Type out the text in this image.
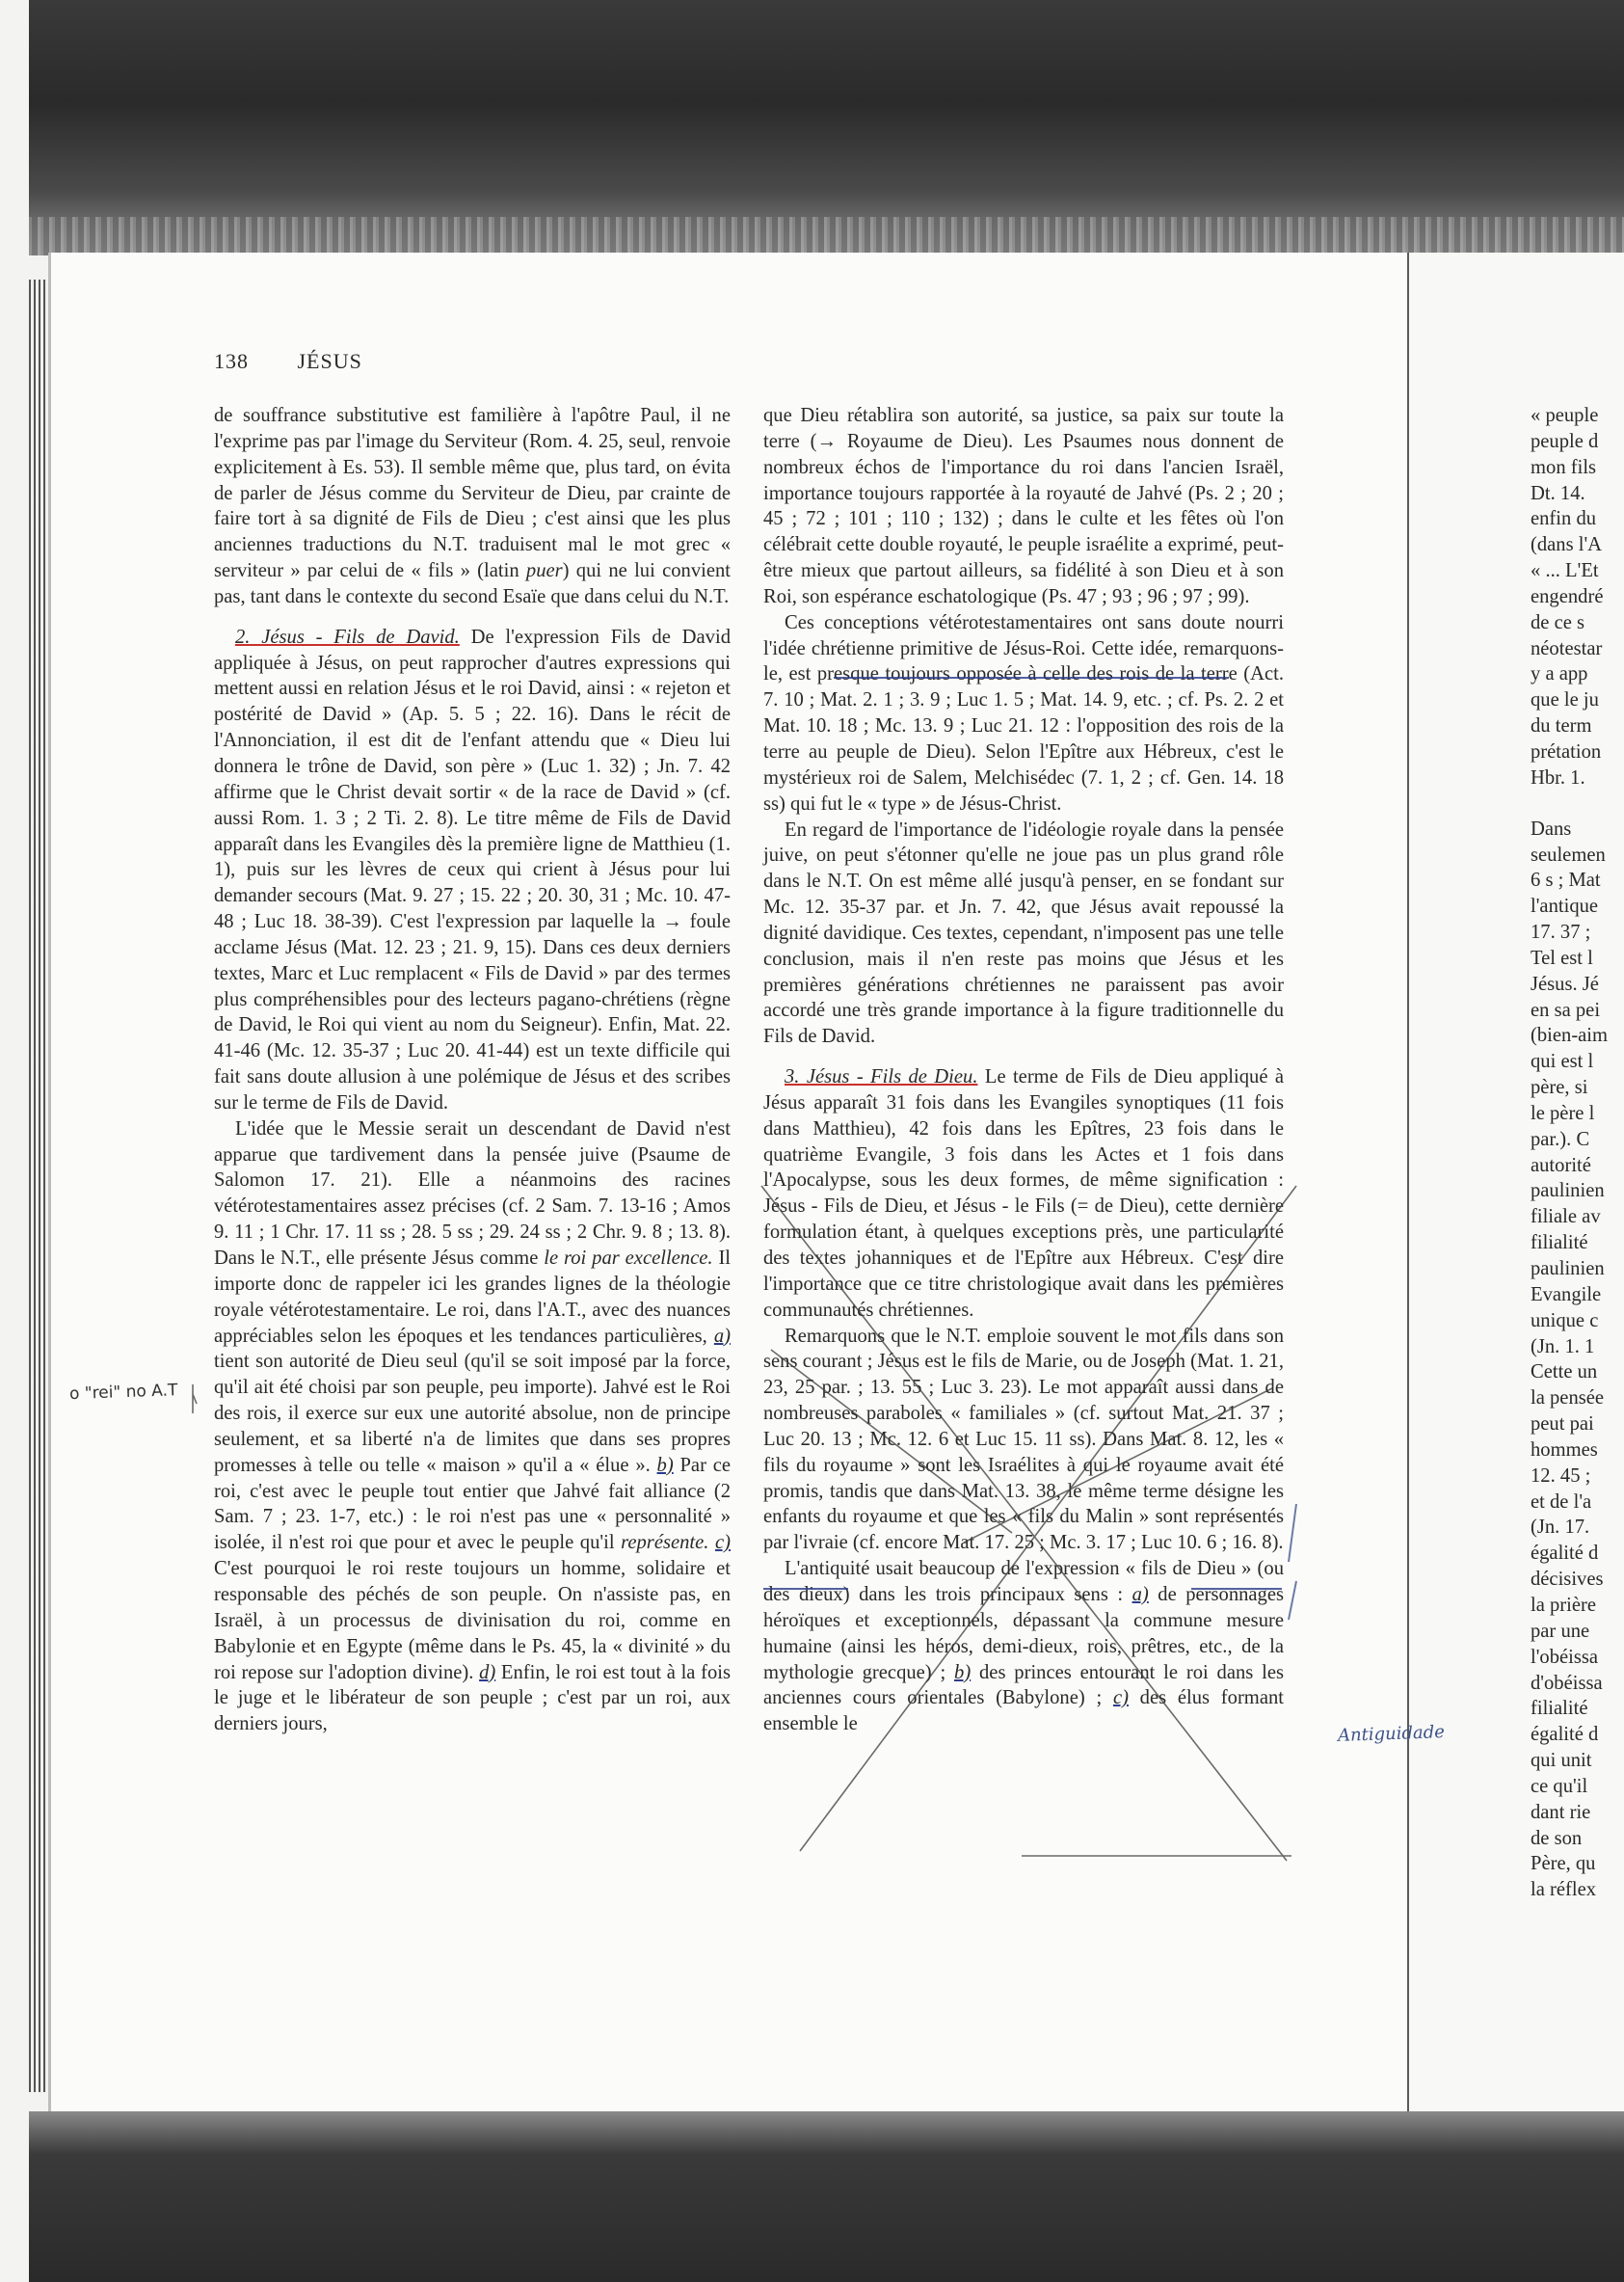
138 JÉSUS

de souffrance substitutive est familière à l'apôtre Paul, il ne l'exprime pas par l'image du Serviteur (Rom. 4. 25, seul, renvoie explicitement à Es. 53). Il semble même que, plus tard, on évita de parler de Jésus comme du Serviteur de Dieu, par crainte de faire tort à sa dignité de Fils de Dieu ; c'est ainsi que les plus anciennes traductions du N.T. traduisent mal le mot grec « serviteur » par celui de « fils » (latin puer) qui ne lui convient pas, tant dans le contexte du second Esaïe que dans celui du N.T.

2. Jésus - Fils de David. De l'expression Fils de David appliquée à Jésus, on peut rapprocher d'autres expressions qui mettent aussi en relation Jésus et le roi David, ainsi : « rejeton et postérité de David » (Ap. 5. 5 ; 22. 16). Dans le récit de l'Annonciation, il est dit de l'enfant attendu que « Dieu lui donnera le trône de David, son père » (Luc 1. 32) ; Jn. 7. 42 affirme que le Christ devait sortir « de la race de David » (cf. aussi Rom. 1. 3 ; 2 Ti. 2. 8). Le titre même de Fils de David apparaît dans les Evangiles dès la première ligne de Matthieu (1. 1), puis sur les lèvres de ceux qui crient à Jésus pour lui demander secours (Mat. 9. 27 ; 15. 22 ; 20. 30, 31 ; Mc. 10. 47-48 ; Luc 18. 38-39). C'est l'expression par laquelle la → foule acclame Jésus (Mat. 12. 23 ; 21. 9, 15). Dans ces deux derniers textes, Marc et Luc remplacent « Fils de David » par des termes plus compréhensibles pour des lecteurs pagano-chrétiens (règne de David, le Roi qui vient au nom du Seigneur). Enfin, Mat. 22. 41-46 (Mc. 12. 35-37 ; Luc 20. 41-44) est un texte difficile qui fait sans doute allusion à une polémique de Jésus et des scribes sur le terme de Fils de David.

L'idée que le Messie serait un descendant de David n'est apparue que tardivement dans la pensée juive (Psaume de Salomon 17. 21). Elle a néanmoins des racines vétérotestamentaires assez précises (cf. 2 Sam. 7. 13-16 ; Amos 9. 11 ; 1 Chr. 17. 11 ss ; 28. 5 ss ; 29. 24 ss ; 2 Chr. 9. 8 ; 13. 8). Dans le N.T., elle présente Jésus comme le roi par excellence. Il importe donc de rappeler ici les grandes lignes de la théologie royale vétérotestamentaire. Le roi, dans l'A.T., avec des nuances appréciables selon les époques et les tendances particulières, a) tient son autorité de Dieu seul (qu'il se soit imposé par la force, qu'il ait été choisi par son peuple, peu importe). Jahvé est le Roi des rois, il exerce sur eux une autorité absolue, non de principe seulement, et sa liberté n'a de limites que dans ses propres promesses à telle ou telle « maison » qu'il a « élue ». b) Par ce roi, c'est avec le peuple tout entier que Jahvé fait alliance (2 Sam. 7 ; 23. 1-7, etc.) : le roi n'est pas une « personnalité » isolée, il n'est roi que pour et avec le peuple qu'il représente. c) C'est pourquoi le roi reste toujours un homme, solidaire et responsable des péchés de son peuple. On n'assiste pas, en Israël, à un processus de divinisation du roi, comme en Babylonie et en Egypte (même dans le Ps. 45, la « divinité » du roi repose sur l'adoption divine). d) Enfin, le roi est tout à la fois le juge et le libérateur de son peuple ; c'est par un roi, aux derniers jours,

que Dieu rétablira son autorité, sa justice, sa paix sur toute la terre (→ Royaume de Dieu). Les Psaumes nous donnent de nombreux échos de l'importance du roi dans l'ancien Israël, importance toujours rapportée à la royauté de Jahvé (Ps. 2 ; 20 ; 45 ; 72 ; 101 ; 110 ; 132) ; dans le culte et les fêtes où l'on célébrait cette double royauté, le peuple israélite a exprimé, peut-être mieux que partout ailleurs, sa fidélité à son Dieu et à son Roi, son espérance eschatologique (Ps. 47 ; 93 ; 96 ; 97 ; 99).

Ces conceptions vétérotestamentaires ont sans doute nourri l'idée chrétienne primitive de Jésus-Roi. Cette idée, remarquons-le, est presque toujours opposée à celle des rois de la terre (Act. 7. 10 ; Mat. 2. 1 ; 3. 9 ; Luc 1. 5 ; Mat. 14. 9, etc. ; cf. Ps. 2. 2 et Mat. 10. 18 ; Mc. 13. 9 ; Luc 21. 12 : l'opposition des rois de la terre au peuple de Dieu). Selon l'Epître aux Hébreux, c'est le mystérieux roi de Salem, Melchisédec (7. 1, 2 ; cf. Gen. 14. 18 ss) qui fut le « type » de Jésus-Christ.

En regard de l'importance de l'idéologie royale dans la pensée juive, on peut s'étonner qu'elle ne joue pas un plus grand rôle dans le N.T. On est même allé jusqu'à penser, en se fondant sur Mc. 12. 35-37 par. et Jn. 7. 42, que Jésus avait repoussé la dignité davidique. Ces textes, cependant, n'imposent pas une telle conclusion, mais il n'en reste pas moins que Jésus et les premières générations chrétiennes ne paraissent pas avoir accordé une très grande importance à la figure traditionnelle du Fils de David.

3. Jésus - Fils de Dieu. Le terme de Fils de Dieu appliqué à Jésus apparaît 31 fois dans les Evangiles synoptiques (11 fois dans Matthieu), 42 fois dans les Epîtres, 23 fois dans le quatrième Evangile, 3 fois dans les Actes et 1 fois dans l'Apocalypse, sous les deux formes, de même signification : Jésus - Fils de Dieu, et Jésus - le Fils (= de Dieu), cette dernière formulation étant, à quelques exceptions près, une particularité des textes johanniques et de l'Epître aux Hébreux. C'est dire l'importance que ce titre christologique avait dans les premières communautés chrétiennes.

Remarquons que le N.T. emploie souvent le mot fils dans son sens courant ; Jésus est le fils de Marie, ou de Joseph (Mat. 1. 21, 23, 25 par. ; 13. 55 ; Luc 3. 23). Le mot apparaît aussi dans de nombreuses paraboles « familiales » (cf. surtout Mat. 21. 37 ; Luc 20. 13 ; Mc. 12. 6 et Luc 15. 11 ss). Dans Mat. 8. 12, les « fils du royaume » sont les Israélites à qui le royaume avait été promis, tandis que dans Mat. 13. 38, le même terme désigne les enfants du royaume et que les « fils du Malin » sont représentés par l'ivraie (cf. encore Mat. 17. 25 ; Mc. 3. 17 ; Luc 10. 6 ; 16. 8).

L'antiquité usait beaucoup de l'expression « fils de Dieu » (ou des dieux) dans les trois principaux sens : a) de personnages héroïques et exceptionnels, dépassant la commune mesure humaine (ainsi les héros, demi-dieux, rois, prêtres, etc., de la mythologie grecque) ; b) des princes entourant le roi dans les anciennes cours orientales (Babylone) ; c) des élus formant ensemble le

« peuple
peuple d
mon fils
Dt. 14.
enfin du
(dans l'A
« ... L'Et
engendré
de ce s
néotestar
y a app
que le ju
du term
prétation
Hbr. 1.
Dans
seulemen
6 s ; Mat
l'antique
17. 37 ;
Tel est l
Jésus. Jé
en sa pei
(bien-aim
qui est l
père, si
le père l
par.). C
autorité
paulinien
filiale av
filialité
paulinien
Evangile
unique c
(Jn. 1. 1
Cette un
la pensée
peut pai
hommes
12. 45 ;
et de l'a
(Jn. 17.
égalité d
décisives
la prière
par une
l'obéissa
d'obéissa
filialité
égalité d
qui unit
ce qu'il
dant rie
de son
Père, qu
la réflex
o "rei" no A.T
Antiguidade
